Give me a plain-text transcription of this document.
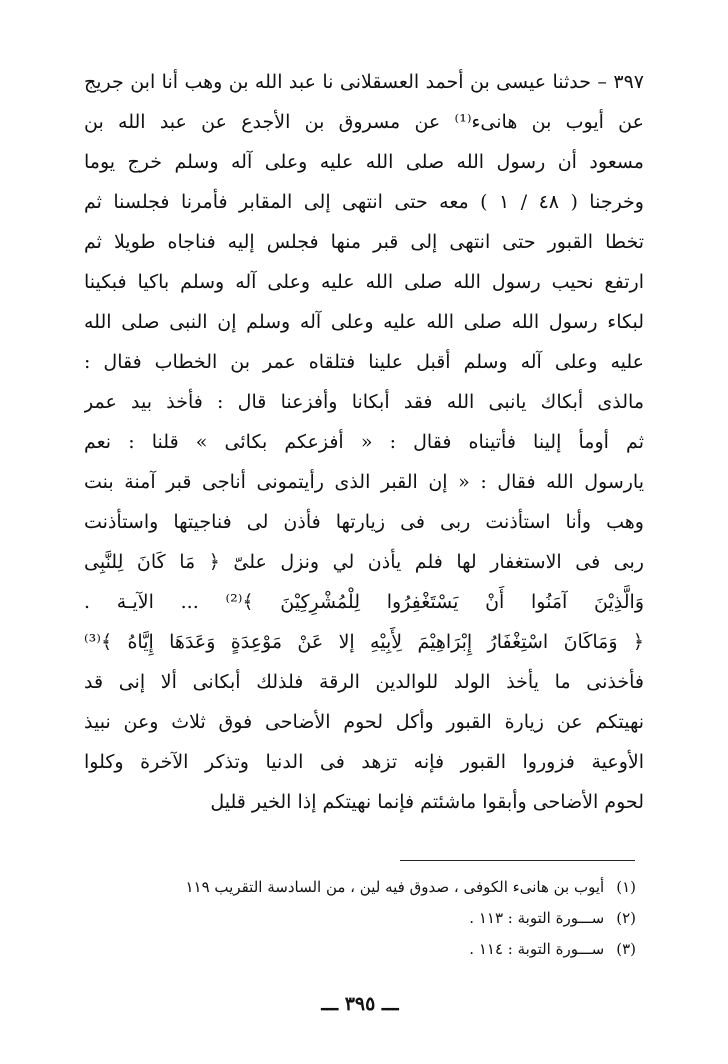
٣٩٧ – حدثنا عيسى بن أحمد العسقلانى نا عبد الله بن وهب أنا ابن جريج
عن أيوب بن هانىء⁽¹⁾ عن مسروق بن الأجدع عن عبد الله بن
مسعود أن رسول الله صلى الله عليه وعلى آله وسلم خرج يوما
وخرجنا ( ٤٨ / ١ ) معه حتى انتهى إلى المقابر فأمرنا فجلسنا ثم
تخطا القبور حتى انتهى إلى قبر منها فجلس إليه فناجاه طويلا ثم
ارتفع نحيب رسول الله صلى الله عليه وعلى آله وسلم باكيا فبكينا
لبكاء رسول الله صلى الله عليه وعلى آله وسلم إن النبى صلى الله
عليه وعلى آله وسلم أقبل علينا فتلقاه عمر بن الخطاب فقال :
مالذى أبكاك يانبى الله فقد أبكانا وأفزعنا قال : فأخذ بيد عمر
ثم أومأ إلينا فأتيناه فقال : « أفزعكم بكائى » قلنا : نعم
يارسول الله فقال : « إن القبر الذى رأيتمونى أناجى قبر آمنة بنت
وهب وأنا استأذنت ربى فى زيارتها فأذن لى فناجيتها واستأذنت
ربى فى الاستغفار لها فلم يأذن لي ونزل علىّ ﴿ مَا كَانَ لِلنَّبِى
وَالَّذِيْنَ آمَنُوا أَنْ يَسْتَغْفِرُوا لِلْمُشْرِكِيْنَ ﴾⁽²⁾ ... الآيـة .
﴿ وَمَاكَانَ اسْتِغْفَارُ إِبْرَاهِيْمَ لِأَبِيْهِ إلا عَنْ مَوْعِدَةٍ وَعَدَهَا إِيَّاهُ ﴾⁽³⁾
فأخذنى ما يأخذ الولد للوالدين الرقة فلذلك أبكانى ألا إنى قد
نهيتكم عن زيارة القبور وأكل لحوم الأضاحى فوق ثلاث وعن نبيذ
الأوعية فزوروا القبور فإنه تزهد فى الدنيا وتذكر الآخرة وكلوا
لحوم الأضاحى وأبقوا ماشئتم فإنما نهيتكم إذا الخير قليل
(١)أيوب بن هانىء الكوفى ، صدوق فيه لين ، من السادسة التقريب ١١٩
(٢)ســـورة التوبة : ١١٣ .
(٣)ســـورة التوبة : ١١٤ .
ـــ ٣٩٥ ـــ
